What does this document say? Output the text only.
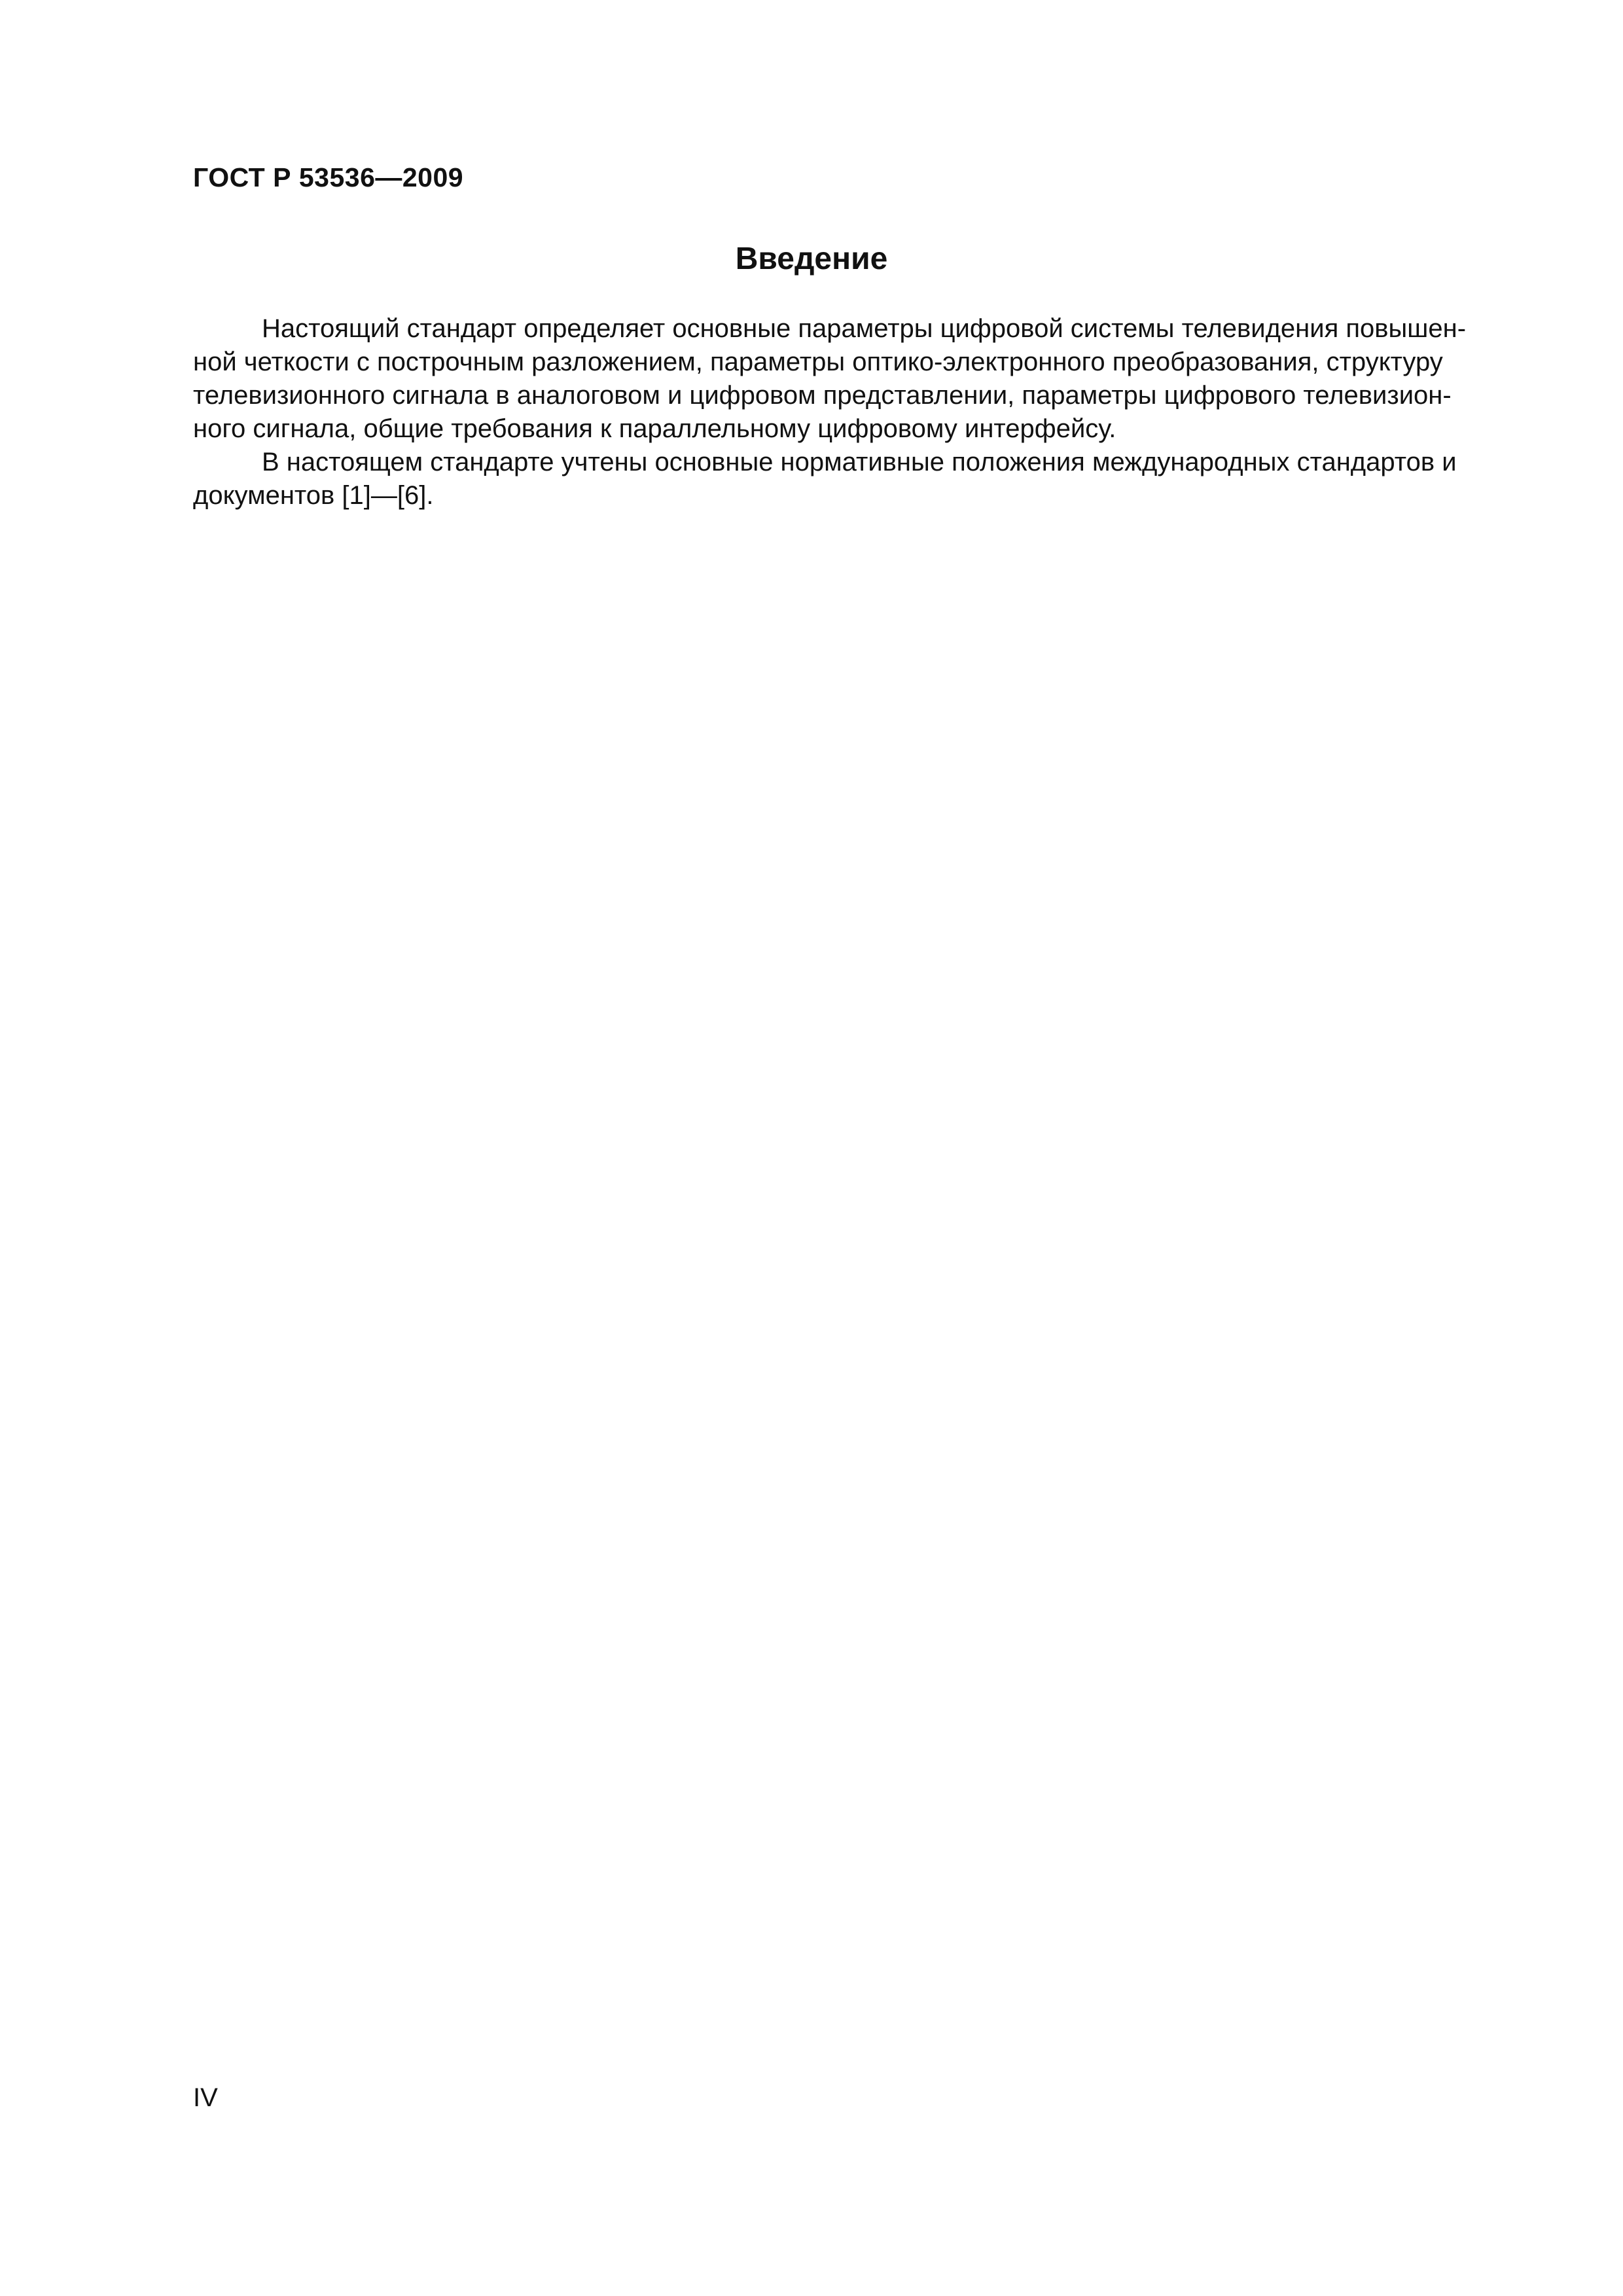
ГОСТ Р 53536—2009
Введение
Настоящий стандарт определяет основные параметры цифровой системы телевидения повышен-
ной четкости с построчным разложением, параметры оптико-электронного преобразования, структуру
телевизионного сигнала в аналоговом и цифровом представлении, параметры цифрового телевизион-
ного сигнала, общие требования к параллельному цифровому интерфейсу.
В настоящем стандарте учтены основные нормативные положения международных стандартов и
документов [1]—[6].
IV
